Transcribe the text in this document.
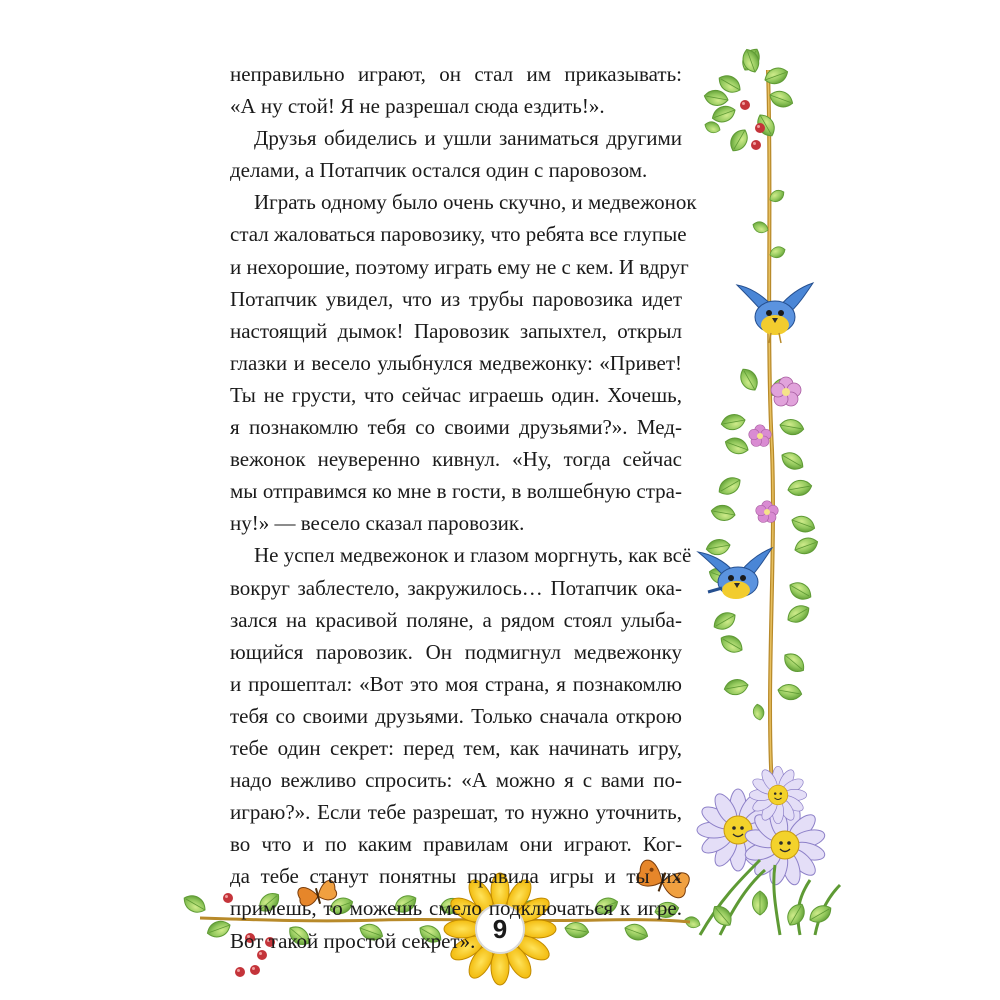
9
неправильно играют, он стал им приказывать:
«А ну стой! Я не разрешал сюда ездить!».
Друзья обиделись и ушли заниматься другими
делами, а Потапчик остался один с паровозом.
Играть одному было очень скучно, и медвежонок
стал жаловаться паровозику, что ребята все глупые
и нехорошие, поэтому играть ему не с кем. И вдруг
Потапчик увидел, что из трубы паровозика идет
настоящий дымок! Паровозик запыхтел, открыл
глазки и весело улыбнулся медвежонку: «Привет!
Ты не грусти, что сейчас играешь один. Хочешь,
я познакомлю тебя со своими друзьями?». Мед-
вежонок неуверенно кивнул. «Ну, тогда сейчас
мы отправимся ко мне в гости, в волшебную стра-
ну!» — весело сказал паровозик.
Не успел медвежонок и глазом моргнуть, как всё
вокруг заблестело, закружилось… Потапчик ока-
зался на красивой поляне, а рядом стоял улыба-
ющийся паровозик. Он подмигнул медвежонку
и прошептал: «Вот это моя страна, я познакомлю
тебя со своими друзьями. Только сначала открою
тебе один секрет: перед тем, как начинать игру,
надо вежливо спросить: «А можно я с вами по-
играю?». Если тебе разрешат, то нужно уточнить,
во что и по каким правилам они играют. Ког-
да тебе станут понятны правила игры и ты их
примешь, то можешь смело подключаться к игре.
Вот такой простой секрет».
